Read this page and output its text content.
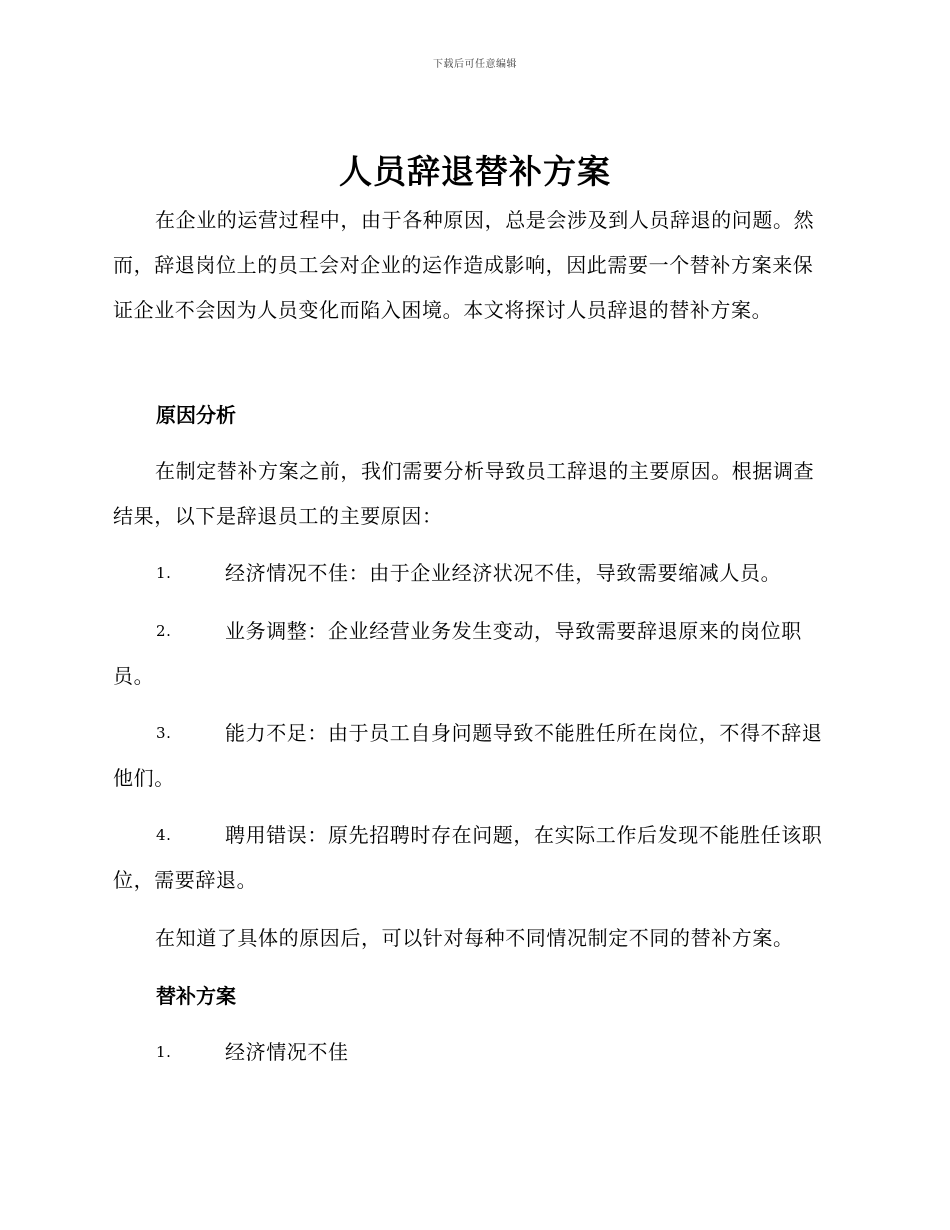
下载后可任意编辑
人员辞退替补方案

在企业的运营过程中，由于各种原因，总是会涉及到人员辞退的问题。然而，辞退岗位上的员工会对企业的运作造成影响，因此需要一个替补方案来保证企业不会因为人员变化而陷入困境。本文将探讨人员辞退的替补方案。

原因分析

在制定替补方案之前，我们需要分析导致员工辞退的主要原因。根据调查结果，以下是辞退员工的主要原因：

1.	经济情况不佳：由于企业经济状况不佳，导致需要缩减人员。

2.	业务调整：企业经营业务发生变动，导致需要辞退原来的岗位职员。

3.	能力不足：由于员工自身问题导致不能胜任所在岗位，不得不辞退他们。

4.	聘用错误：原先招聘时存在问题，在实际工作后发现不能胜任该职位，需要辞退。

在知道了具体的原因后，可以针对每种不同情况制定不同的替补方案。

替补方案

1.	经济情况不佳
